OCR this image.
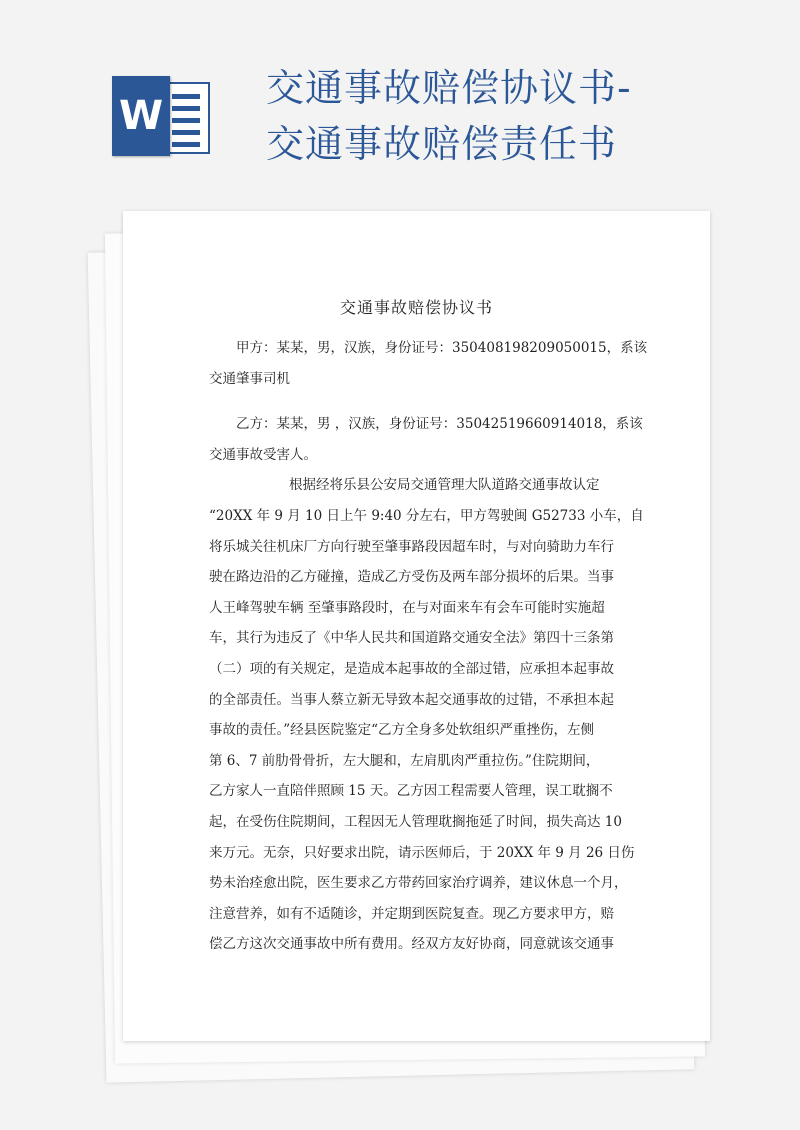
W
交通事故赔偿协议书-
交通事故赔偿责任书
交通事故赔偿协议书
甲方：某某，男，汉族，身份证号：350408198209050015，系该
交通肇事司机
乙方：某某，男 ，汉族，身份证号：35042519660914018，系该
交通事故受害人。
根据经将乐县公安局交通管理大队道路交通事故认定
“20XX 年 9 月 10 日上午 9:40 分左右，甲方驾驶闽 G52733 小车，自
将乐城关往机床厂方向行驶至肇事路段因超车时，与对向骑助力车行
驶在路边沿的乙方碰撞，造成乙方受伤及两车部分损坏的后果。当事
人王峰驾驶车辆 至肇事路段时，在与对面来车有会车可能时实施超
车，其行为违反了《中华人民共和国道路交通安全法》第四十三条第
（二）项的有关规定，是造成本起事故的全部过错，应承担本起事故
的全部责任。当事人蔡立新无导致本起交通事故的过错，不承担本起
事故的责任。”经县医院鉴定“乙方全身多处软组织严重挫伤，左侧
第 6、7 前肋骨骨折，左大腿和，左肩肌肉严重拉伤。”住院期间，
乙方家人一直陪伴照顾 15 天。乙方因工程需要人管理，误工耽搁不
起，在受伤住院期间，工程因无人管理耽搁拖延了时间，损失高达 10
来万元。无奈，只好要求出院，请示医师后，于 20XX 年 9 月 26 日伤
势未治痊愈出院，医生要求乙方带药回家治疗调养，建议休息一个月，
注意营养，如有不适随诊，并定期到医院复查。现乙方要求甲方，赔
偿乙方这次交通事故中所有费用。经双方友好协商，同意就该交通事
